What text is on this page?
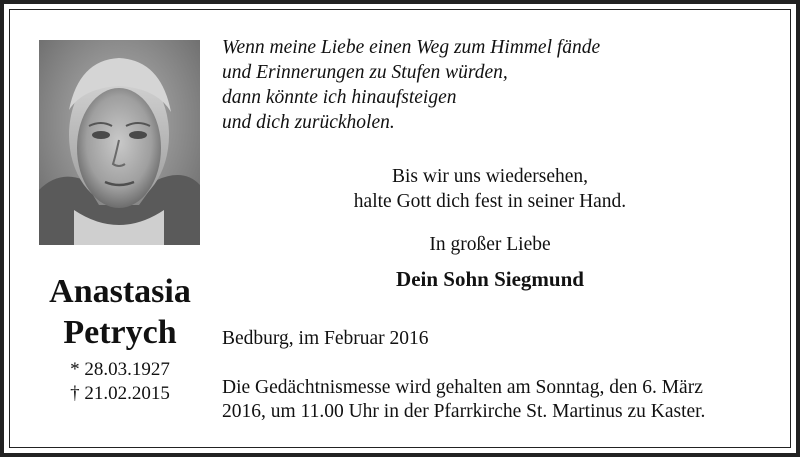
Anastasia
Petrych
* 28.03.1927
† 21.02.2015
Wenn meine Liebe einen Weg zum Himmel fände
und Erinnerungen zu Stufen würden,
dann könnte ich hinaufsteigen
und dich zurückholen.
Bis wir uns wiedersehen,
halte Gott dich fest in seiner Hand.
In großer Liebe
Dein Sohn Siegmund
Bedburg, im Februar 2016
Die Gedächtnismesse wird gehalten am Sonntag, den 6. März
2016, um 11.00 Uhr in der Pfarrkirche St. Martinus zu Kaster.
